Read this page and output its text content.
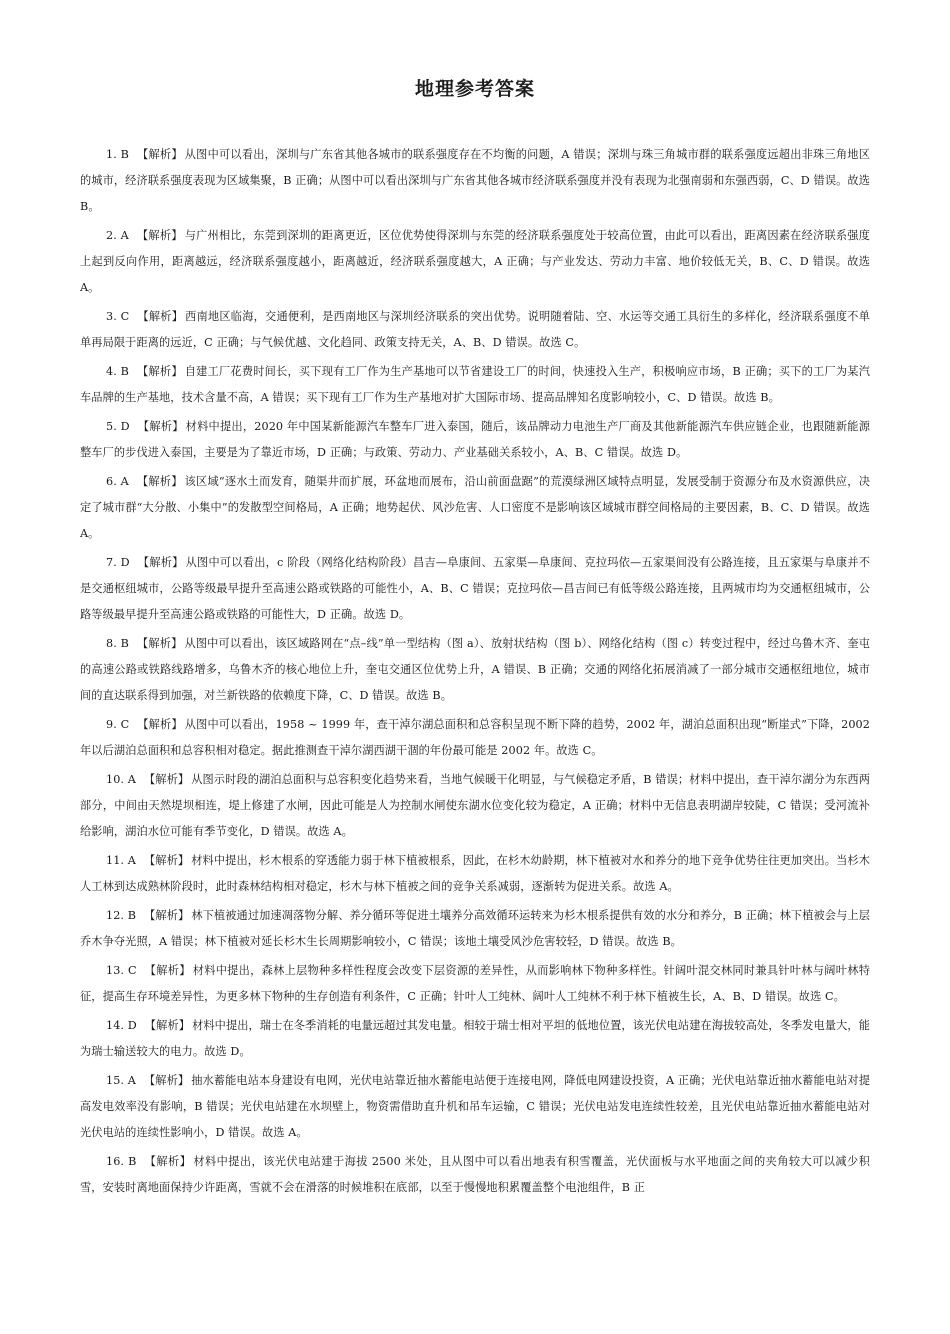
地理参考答案

1. B 【解析】 从图中可以看出，深圳与广东省其他各城市的联系强度存在不均衡的问题，A 错误；深圳与珠三角城市群的联系强度远超出非珠三角地区的城市，经济联系强度表现为区域集聚，B 正确；从图中可以看出深圳与广东省其他各城市经济联系强度并没有表现为北强南弱和东强西弱，C、D 错误。故选 B。

2. A 【解析】 与广州相比，东莞到深圳的距离更近，区位优势使得深圳与东莞的经济联系强度处于较高位置，由此可以看出，距离因素在经济联系强度上起到反向作用，距离越远，经济联系强度越小，距离越近，经济联系强度越大，A 正确；与产业发达、劳动力丰富、地价较低无关，B、C、D 错误。故选 A。

3. C 【解析】 西南地区临海，交通便利，是西南地区与深圳经济联系的突出优势。说明随着陆、空、水运等交通工具衍生的多样化，经济联系强度不单单再局限于距离的远近，C 正确；与气候优越、文化趋同、政策支持无关，A、B、D 错误。故选 C。

4. B 【解析】 自建工厂花费时间长，买下现有工厂作为生产基地可以节省建设工厂的时间，快速投入生产，积极响应市场，B 正确；买下的工厂为某汽车品牌的生产基地，技术含量不高，A 错误；买下现有工厂作为生产基地对扩大国际市场、提高品牌知名度影响较小，C、D 错误。故选 B。

5. D 【解析】 材料中提出，2020 年中国某新能源汽车整车厂进入泰国，随后，该品牌动力电池生产厂商及其他新能源汽车供应链企业，也跟随新能源整车厂的步伐进入泰国，主要是为了靠近市场，D 正确；与政策、劳动力、产业基础关系较小，A、B、C 错误。故选 D。

6. A 【解析】 该区域“逐水土而发育，随渠井而扩展，环盆地而展布，沿山前面盘踞”的荒漠绿洲区域特点明显，发展受制于资源分布及水资源供应，决定了城市群“大分散、小集中”的发散型空间格局，A 正确；地势起伏、风沙危害、人口密度不是影响该区域城市群空间格局的主要因素，B、C、D 错误。故选 A。

7. D 【解析】 从图中可以看出，c 阶段（网络化结构阶段）昌吉—阜康间、五家渠—阜康间、克拉玛依—五家渠间没有公路连接，且五家渠与阜康并不是交通枢纽城市，公路等级最早提升至高速公路或铁路的可能性小，A、B、C 错误；克拉玛依—昌吉间已有低等级公路连接，且两城市均为交通枢纽城市，公路等级最早提升至高速公路或铁路的可能性大，D 正确。故选 D。

8. B 【解析】 从图中可以看出，该区域路网在“点–线”单一型结构（图 a）、放射状结构（图 b）、网络化结构（图 c）转变过程中，经过乌鲁木齐、奎屯的高速公路或铁路线路增多，乌鲁木齐的核心地位上升，奎屯交通区位优势上升，A 错误、B 正确；交通的网络化拓展消减了一部分城市交通枢纽地位，城市间的直达联系得到加强，对兰新铁路的依赖度下降，C、D 错误。故选 B。

9. C 【解析】 从图中可以看出，1958 ~ 1999 年，查干淖尔湖总面积和总容积呈现不断下降的趋势，2002 年，湖泊总面积出现“断崖式”下降，2002 年以后湖泊总面积和总容积相对稳定。据此推测查干淖尔湖西湖干涸的年份最可能是 2002 年。故选 C。

10. A 【解析】 从图示时段的湖泊总面积与总容积变化趋势来看，当地气候暖干化明显，与气候稳定矛盾，B 错误；材料中提出，查干淖尔湖分为东西两部分，中间由天然堤坝相连，堤上修建了水闸，因此可能是人为控制水闸使东湖水位变化较为稳定，A 正确；材料中无信息表明湖岸较陡，C 错误；受河流补给影响，湖泊水位可能有季节变化，D 错误。故选 A。

11. A 【解析】 材料中提出，杉木根系的穿透能力弱于林下植被根系，因此，在杉木幼龄期，林下植被对水和养分的地下竞争优势往往更加突出。当杉木人工林到达成熟林阶段时，此时森林结构相对稳定，杉木与林下植被之间的竞争关系减弱，逐渐转为促进关系。故选 A。

12. B 【解析】 林下植被通过加速凋落物分解、养分循环等促进土壤养分高效循环运转来为杉木根系提供有效的水分和养分，B 正确；林下植被会与上层乔木争夺光照，A 错误；林下植被对延长杉木生长周期影响较小，C 错误；该地土壤受风沙危害较轻，D 错误。故选 B。

13. C 【解析】 材料中提出，森林上层物种多样性程度会改变下层资源的差异性，从而影响林下物种多样性。针阔叶混交林同时兼具针叶林与阔叶林特征，提高生存环境差异性，为更多林下物种的生存创造有利条件，C 正确；针叶人工纯林、阔叶人工纯林不利于林下植被生长，A、B、D 错误。故选 C。

14. D 【解析】 材料中提出，瑞士在冬季消耗的电量远超过其发电量。相较于瑞士相对平坦的低地位置，该光伏电站建在海拔较高处，冬季发电量大，能为瑞士输送较大的电力。故选 D。

15. A 【解析】 抽水蓄能电站本身建设有电网，光伏电站靠近抽水蓄能电站便于连接电网，降低电网建设投资，A 正确；光伏电站靠近抽水蓄能电站对提高发电效率没有影响，B 错误；光伏电站建在水坝壁上，物资需借助直升机和吊车运输，C 错误；光伏电站发电连续性较差，且光伏电站靠近抽水蓄能电站对光伏电站的连续性影响小，D 错误。故选 A。

16. B 【解析】 材料中提出，该光伏电站建于海拔 2500 米处，且从图中可以看出地表有积雪覆盖，光伏面板与水平地面之间的夹角较大可以减少积雪，安装时离地面保持少许距离，雪就不会在滑落的时候堆积在底部，以至于慢慢地积累覆盖整个电池组件，B 正
